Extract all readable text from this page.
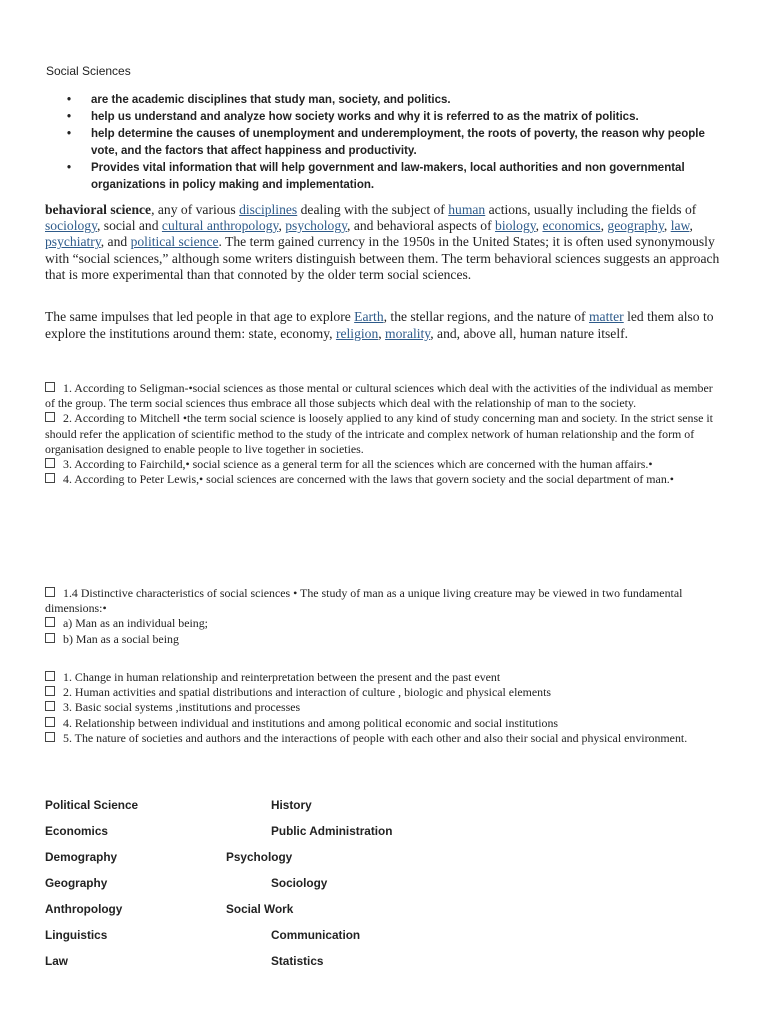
Social Sciences
• are the academic disciplines that study man, society, and politics.
• help us understand and analyze how society works and why it is referred to as the matrix of politics.
• help determine the causes of unemployment and underemployment, the roots of poverty, the reason why people vote, and the factors that affect happiness and productivity.
• Provides vital information that will help government and law-makers, local authorities and non governmental organizations in policy making and implementation.
behavioral science, any of various disciplines dealing with the subject of human actions, usually including the fields of sociology, social and cultural anthropology, psychology, and behavioral aspects of biology, economics, geography, law, psychiatry, and political science. The term gained currency in the 1950s in the United States; it is often used synonymously with “social sciences,” although some writers distinguish between them. The term behavioral sciences suggests an approach that is more experimental than that connoted by the older term social sciences.
The same impulses that led people in that age to explore Earth, the stellar regions, and the nature of matter led them also to explore the institutions around them: state, economy, religion, morality, and, above all, human nature itself.
1. According to Seligman-•social sciences as those mental or cultural sciences which deal with the activities of the individual as member of the group. The term social sciences thus embrace all those subjects which deal with the relationship of man to the society.
2. According to Mitchell •the term social science is loosely applied to any kind of study concerning man and society. In the strict sense it should refer the application of scientific method to the study of the intricate and complex network of human relationship and the form of organisation designed to enable people to live together in societies.
3. According to Fairchild,• social science as a general term for all the sciences which are concerned with the human affairs.•
4. According to Peter Lewis,• social sciences are concerned with the laws that govern society and the social department of man.•
1.4 Distinctive characteristics of social sciences • The study of man as a unique living creature may be viewed in two fundamental dimensions:•
a) Man as an individual being;
b) Man as a social being
1. Change in human relationship and reinterpretation between the present and the past event
2. Human activities and spatial distributions and interaction of culture , biologic and physical elements
3. Basic social systems ,institutions and processes
4. Relationship between individual and institutions and among political economic and social institutions
5. The nature of societies and authors and the interactions of people with each other and also their social and physical environment.
Political Science	History
Economics	Public Administration
Demography	Psychology
Geography	Sociology
Anthropology	Social Work
Linguistics	Communication
Law	Statistics
